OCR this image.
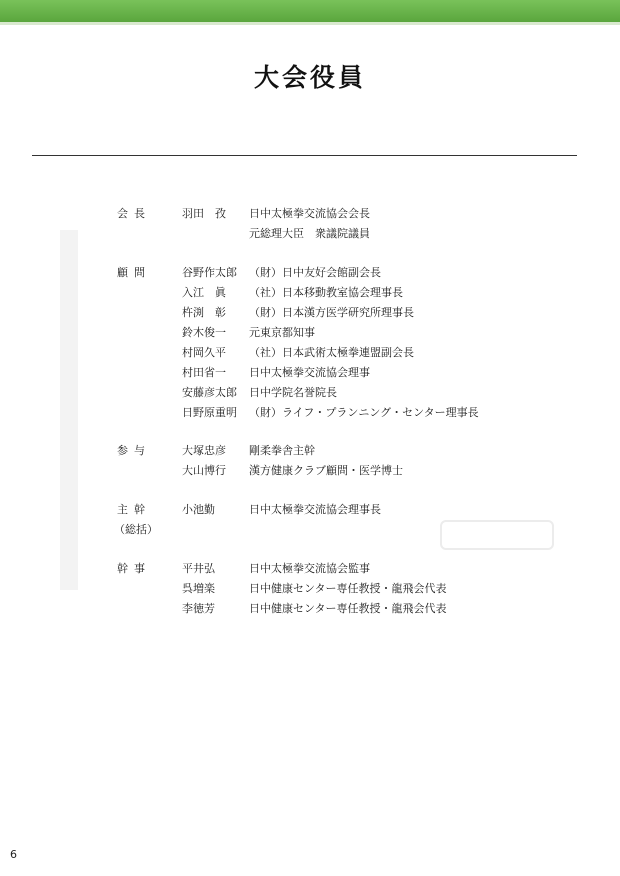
大会役員
会長	羽田　孜 日中太極拳交流協会会長
元総理大臣　衆議院議員
顧問	谷野作太郎 （財）日中友好会館副会長
入江　眞 （社）日本移動教室協会理事長
杵渕　彰 （財）日本漢方医学研究所理事長
鈴木俊一 元東京都知事
村岡久平 （社）日本武術太極拳連盟副会長
村田省一 日中太極拳交流協会理事
安藤彦太郎 日中学院名誉院長
日野原重明 （財）ライフ・プランニング・センター理事長
参与	大塚忠彦 剛柔拳舎主幹
大山博行 漢方健康クラブ顧問・医学博士
主幹
（総括）
小池勤	日中太極拳交流協会理事長
幹事	平井弘	日中太極拳交流協会監事
呉増楽	日中健康センター専任教授・龍飛会代表
李徳芳	日中健康センター専任教授・龍飛会代表
6
